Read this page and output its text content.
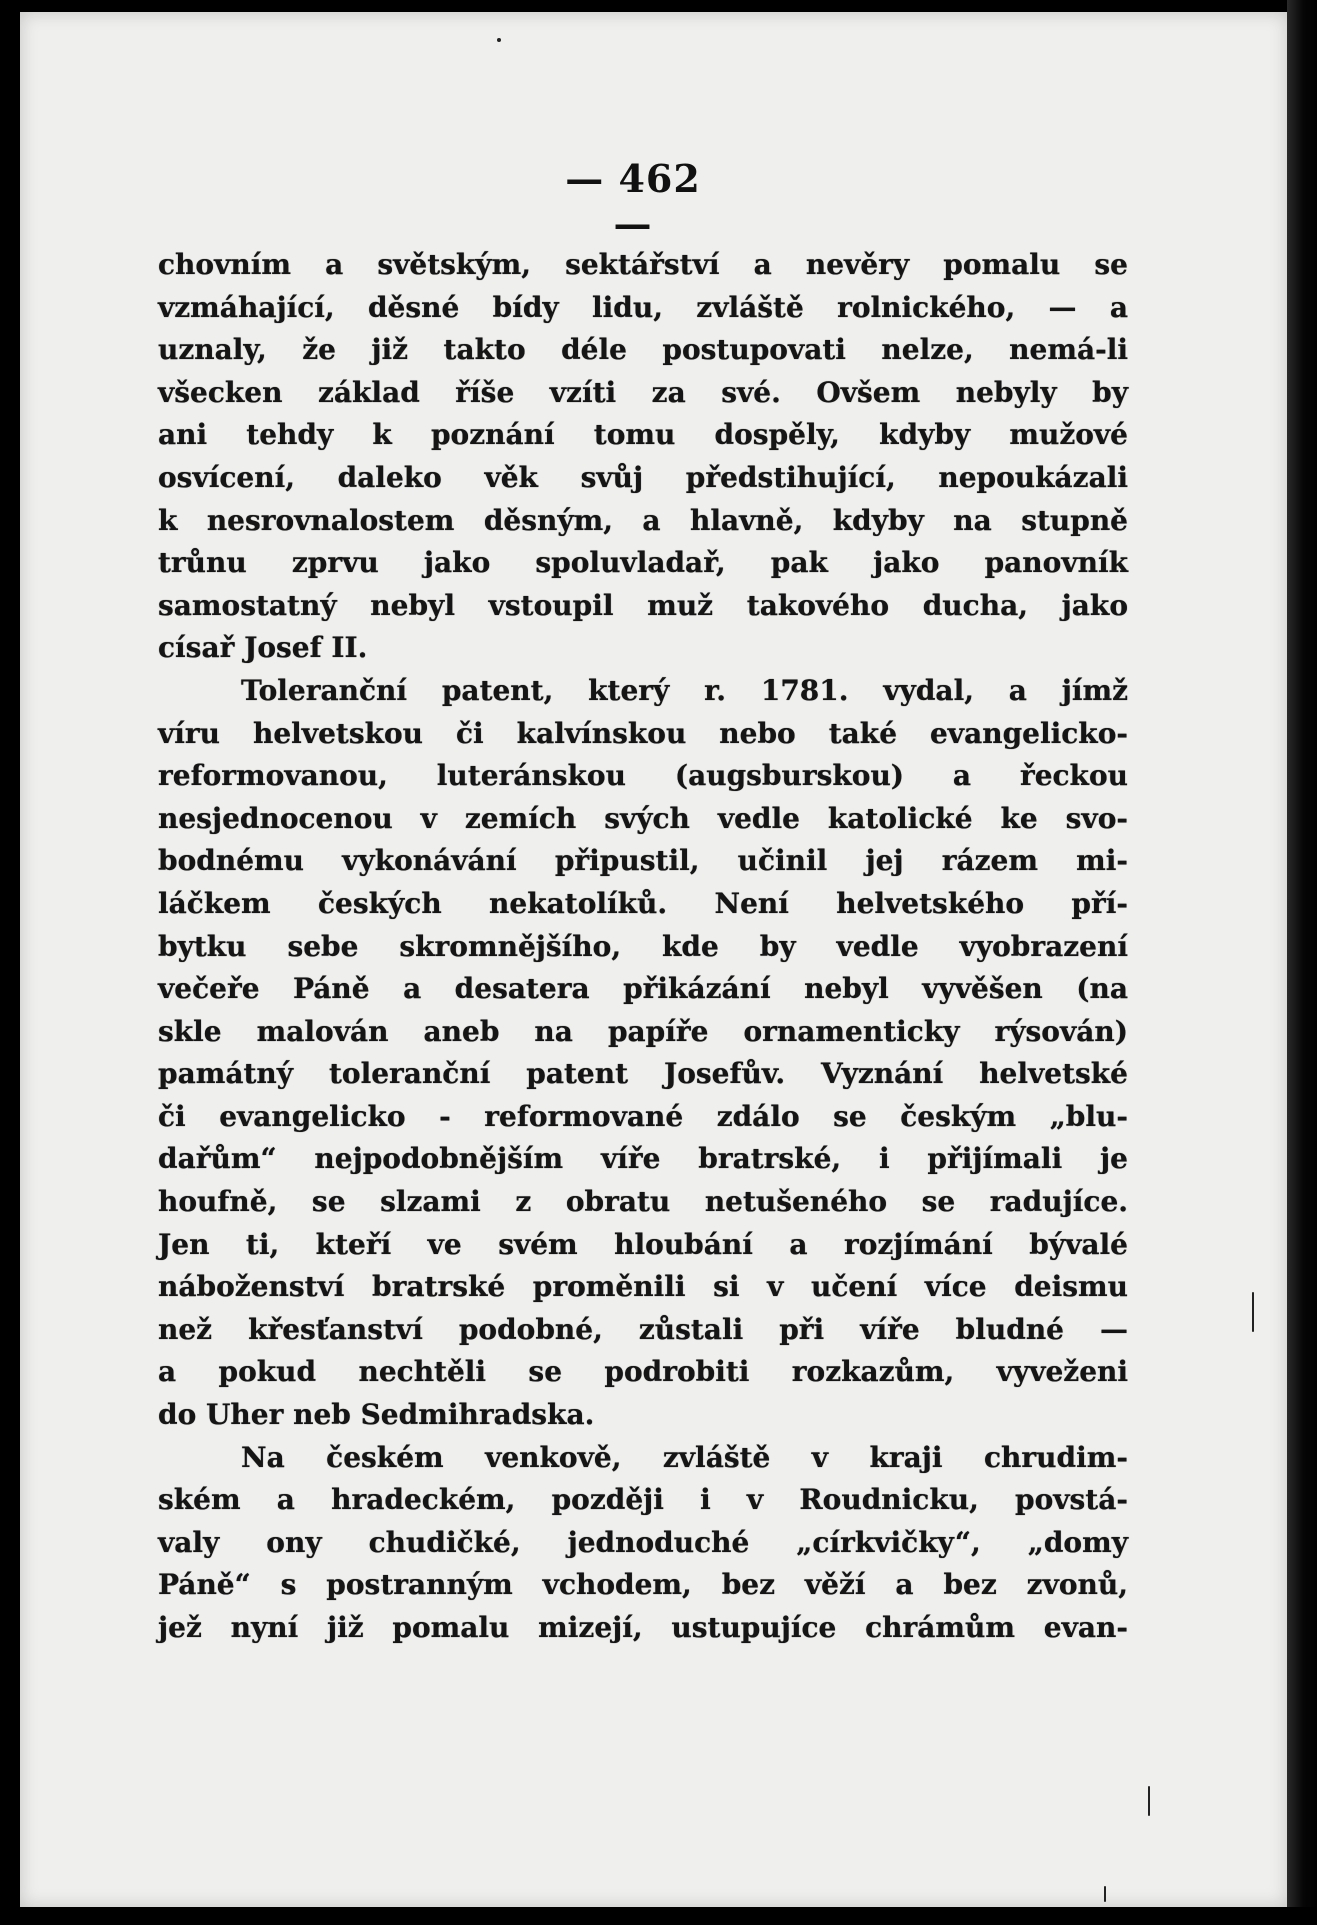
— 462 —
chovním a světským, sektářství a nevěry pomalu se
vzmáhající, děsné bídy lidu, zvláště rolnického, — a
uznaly, že již takto déle postupovati nelze, nemá-li
všecken základ říše vzíti za své. Ovšem nebyly by
ani tehdy k poznání tomu dospěly, kdyby mužové
osvícení, daleko věk svůj předstihující, nepoukázali
k nesrovnalostem děsným, a hlavně, kdyby na stupně
trůnu zprvu jako spoluvladař, pak jako panovník
samostatný nebyl vstoupil muž takového ducha, jako
císař Josef II.
Toleranční patent, který r. 1781. vydal, a jímž
víru helvetskou či kalvínskou nebo také evangelicko-
reformovanou, luteránskou (augsburskou) a řeckou
nesjednocenou v zemích svých vedle katolické ke svo-
bodnému vykonávání připustil, učinil jej rázem mi-
láčkem českých nekatolíků. Není helvetského pří-
bytku sebe skromnějšího, kde by vedle vyobrazení
večeře Páně a desatera přikázání nebyl vyvěšen (na
skle malován aneb na papíře ornamenticky rýsován)
památný toleranční patent Josefův. Vyznání helvetské
či evangelicko - reformované zdálo se českým „blu-
dařům“ nejpodobnějším víře bratrské, i přijímali je
houfně, se slzami z obratu netušeného se radujíce.
Jen ti, kteří ve svém hloubání a rozjímání bývalé
náboženství bratrské proměnili si v učení více deismu
než křesťanství podobné, zůstali při víře bludné —
a pokud nechtěli se podrobiti rozkazům, vyveženi
do Uher neb Sedmihradska.
Na českém venkově, zvláště v kraji chrudim-
ském a hradeckém, později i v Roudnicku, povstá-
valy ony chudičké, jednoduché „církvičky“, „domy
Páně“ s postranným vchodem, bez věží a bez zvonů,
jež nyní již pomalu mizejí, ustupujíce chrámům evan-
